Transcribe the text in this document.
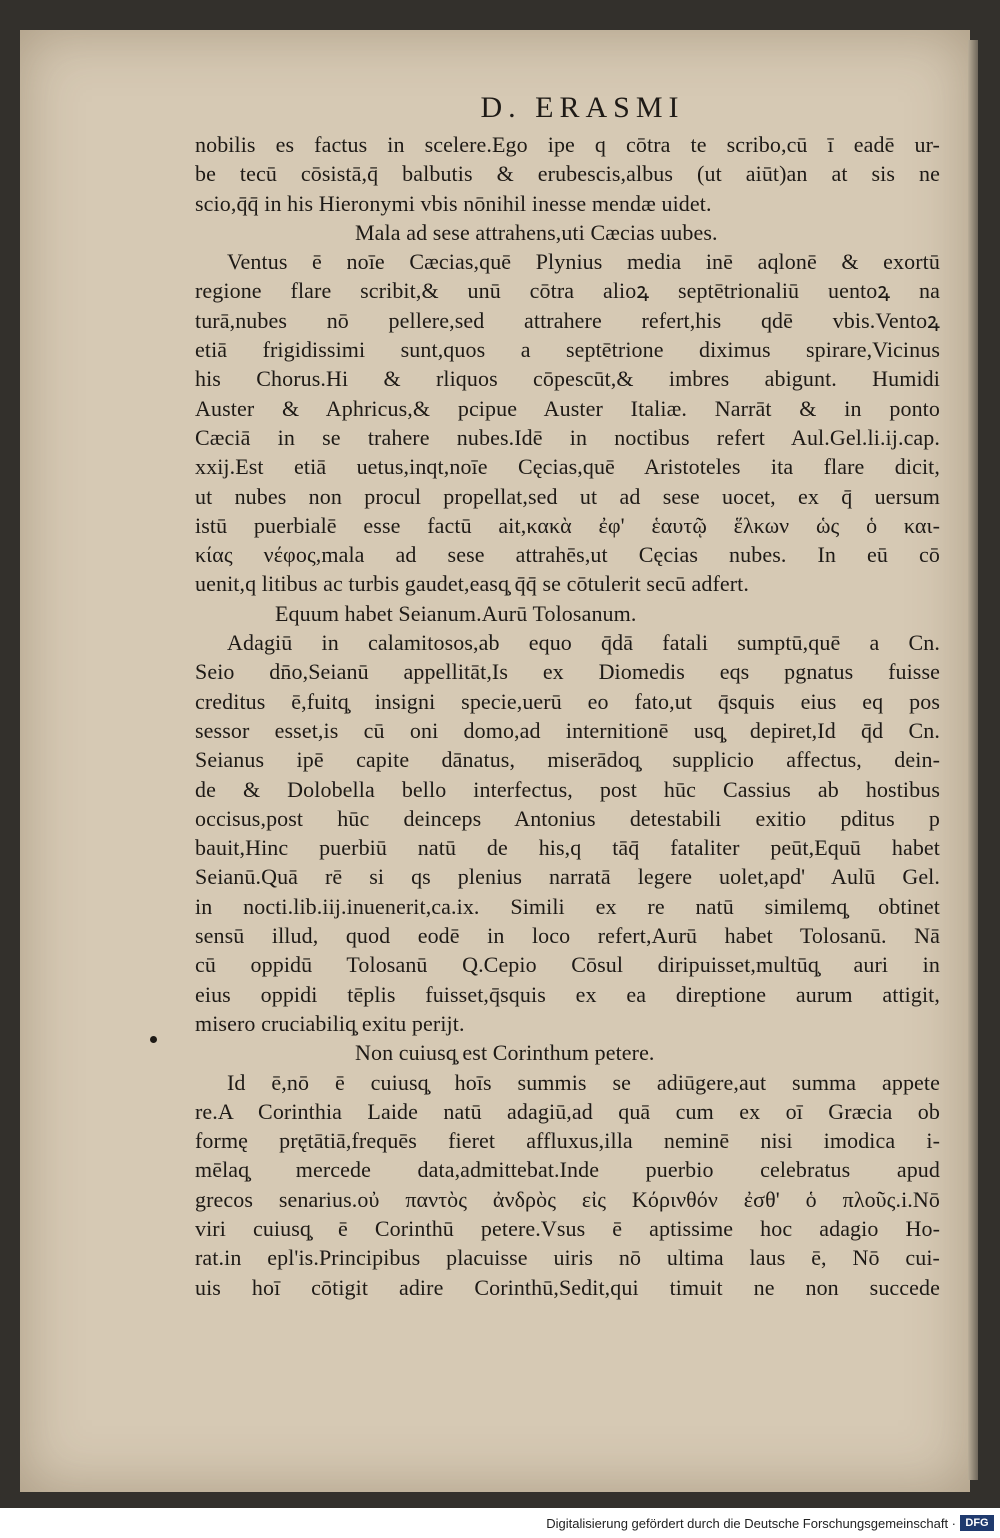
D. ERASMI
nobilis es factus in scelere.Ego ipe q cōtra te scribo,cū ī eadē ur-
be tecū cōsistā,q̄ balbutis & erubescis,albus (ut aiūt)an at sis ne
scio,q̄q̄ in his Hieronymi vbis nōnihil inesse mendæ uidet.
Mala ad sese attrahens,uti Cæcias uubes.
Ventus ē noīe Cæcias,quē Plynius media inē aqlonē & exortū
regione flare scribit,& unū cōtra alioꝝ septētrionaliū uentoꝝ na
turā,nubes nō pellere,sed attrahere refert,his qdē vbis.Ventoꝝ
etiā frigidissimi sunt,quos a septētrione diximus spirare,Vicinus
his Chorus.Hi & rliquos cōpescūt,& imbres abigunt. Humidi
Auster & Aphricus,& pcipue Auster Italiæ. Narrāt & in ponto
Cæciā in se trahere nubes.Idē in noctibus refert Aul.Gel.li.ij.cap.
xxij.Est etiā uetus,inqt,noīe Cęcias,quē Aristoteles ita flare dicit,
ut nubes non procul propellat,sed ut ad sese uocet, ex q̄ uersum
istū puerbialē esse factū ait,κακὰ ἐφ' ἑαυτῷ ἕλκων ὡς ὁ και-
κίας νέφος,mala ad sese attrahēs,ut Cęcias nubes. In eū cō
uenit,q litibus ac turbis gaudet,easq̧ q̄q̄ se cōtulerit secū adfert.
Equum habet Seianum.Aurū Tolosanum.
Adagiū in calamitosos,ab equo q̄dā fatali sumptū,quē a Cn.
Seio dn̄o,Seianū appellitāt,Is ex Diomedis eqs pgnatus fuisse
creditus ē,fuitq̧ insigni specie,uerū eo fato,ut q̄squis eius eq pos
sessor esset,is cū oni domo,ad internitionē usq̧ depiret,Id q̄d Cn.
Seianus ipē capite dānatus, miserādoq̧ supplicio affectus, dein-
de & Dolobella bello interfectus, post hūc Cassius ab hostibus
occisus,post hūc deinceps Antonius detestabili exitio pditus p
bauit,Hinc puerbiū natū de his,q tāq̄ fataliter peūt,Equū habet
Seianū.Quā rē si qs plenius narratā legere uolet,apd' Aulū Gel.
in nocti.lib.iij.inuenerit,ca.ix. Simili ex re natū similemq̧ obtinet
sensū illud, quod eodē in loco refert,Aurū habet Tolosanū. Nā
cū oppidū Tolosanū Q.Cepio Cōsul diripuisset,multūq̧ auri in
eius oppidi tēplis fuisset,q̄squis ex ea direptione aurum attigit,
misero cruciabiliq̧ exitu perijt.
Non cuiusq̧ est Corinthum petere.
Id ē,nō ē cuiusq̧ hoīs summis se adiūgere,aut summa appete
re.A Corinthia Laide natū adagiū,ad quā cum ex oī Græcia ob
formę prętātiā,frequēs fieret affluxus,illa neminē nisi imodica i-
mēlaq̧ mercede data,admittebat.Inde puerbio celebratus apud
grecos senarius.οὐ παντὸς ἀνδρὸς εἰς Κόρινθόν ἐσθ' ὁ πλοῦς.i.Nō
viri cuiusq̧ ē Corinthū petere.Vsus ē aptissime hoc adagio Ho-
rat.in epl'is.Principibus placuisse uiris nō ultima laus ē, Nō cui-
uis hoī cōtigit adire Corinthū,Sedit,qui timuit ne non succede
Digitalisierung gefördert durch die Deutsche Forschungsgemeinschaft · DFG
